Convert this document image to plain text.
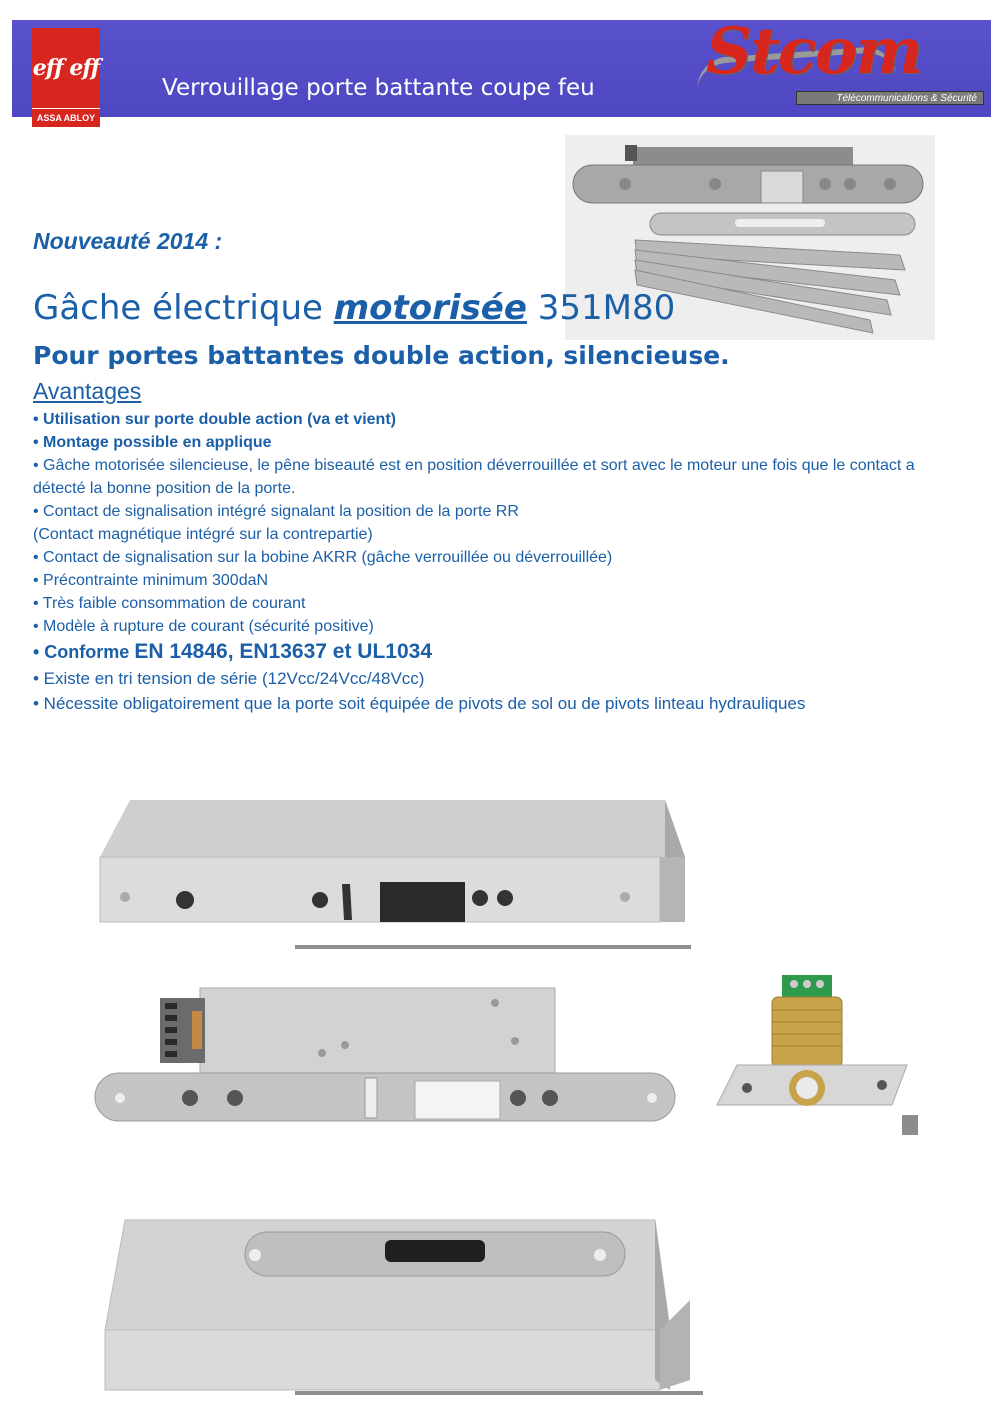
eff eff
ASSA ABLOY
Verrouillage porte battante coupe feu Stcom
Télécommunications & Sécurité
Nouveauté 2014 :
Gâche électrique motorisée 351M80
Pour portes battantes double action, silencieuse.
Avantages
• Utilisation sur porte double action (va et vient)
• Montage possible en applique
• Gâche motorisée silencieuse, le pêne biseauté est en position déverrouillée et sort avec le moteur une fois que le contact a détecté la bonne position de la porte.
• Contact de signalisation intégré signalant la position de la porte RR
(Contact magnétique intégré sur la contrepartie)
• Contact de signalisation sur la bobine AKRR (gâche verrouillée ou déverrouillée)
• Précontrainte minimum 300daN
• Très faible consommation de courant
• Modèle à rupture de courant (sécurité positive)
• Conforme EN 14846, EN13637 et UL1034
• Existe en tri tension de série (12Vcc/24Vcc/48Vcc)
• Nécessite obligatoirement que la porte soit équipée de pivots de sol ou de pivots linteau hydrauliques
